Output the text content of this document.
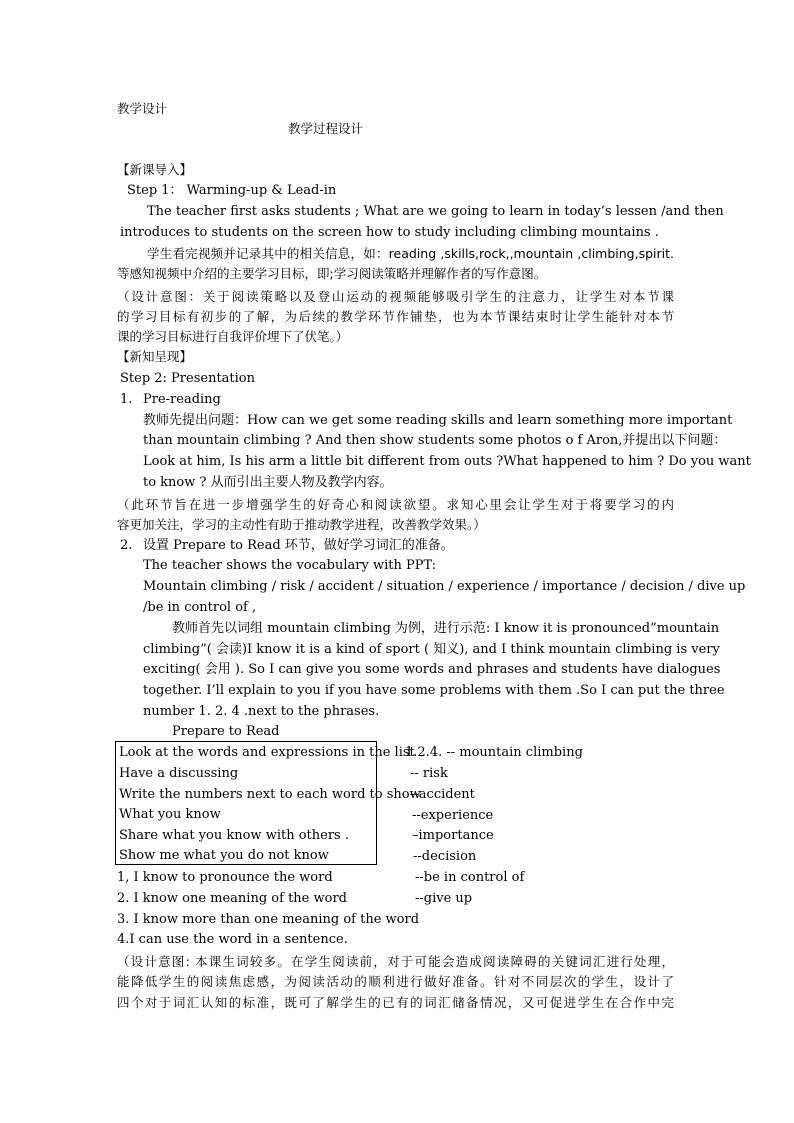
教学设计
教学过程设计
【新课导入】
Step 1： Warming-up & Lead-in
The teacher first asks students ; What are we going to learn in today’s lessen /and then
introduces to students on the screen how to study including climbing mountains .
学生看完视频并记录其中的相关信息，如：reading ,skills,rock,,mountain ,climbing,spirit.
等感知视频中介绍的主要学习目标，即;学习阅读策略并理解作者的写作意图。
（设计意图：关于阅读策略以及登山运动的视频能够吸引学生的注意力，让学生对本节课
的学习目标有初步的了解，为后续的教学环节作铺垫，也为本节课结束时让学生能针对本节
课的学习目标进行自我评价埋下了伏笔。）
【新知呈现】
Step 2: Presentation
1. Pre-reading
教师先提出问题：How can we get some reading skills and learn something more important
than mountain climbing ? And then show students some photos o f Aron,并提出以下问题：
Look at him, Is his arm a little bit different from outs ?What happened to him ? Do you want
to know ? 从而引出主要人物及教学内容。
（此环节旨在进一步增强学生的好奇心和阅读欲望。求知心里会让学生对于将要学习的内
容更加关注，学习的主动性有助于推动教学进程，改善教学效果。）
2. 设置 Prepare to Read 环节，做好学习词汇的准备。
The teacher shows the vocabulary with PPT:
Mountain climbing / risk / accident / situation / experience / importance / decision / dive up
/be in control of ,
教师首先以词组 mountain climbing 为例，进行示范: I know it is pronounced”mountain
climbing”( 会读)I know it is a kind of sport ( 知义), and I think mountain climbing is very
exciting( 会用 ). So I can give you some words and phrases and students have dialogues
together. I’ll explain to you if you have some problems with them .So I can put the three
number 1. 2. 4 .next to the phrases.
Prepare to Read
Look at the words and expressions in the list
Have a discussing
Write the numbers next to each word to show
What you know
Share what you know with others .
Show me what you do not know
1.2.4. -- mountain climbing
-- risk
--accident
--experience
–importance
--decision
--be in control of
--give up
1, I know to pronounce the word
2. I know one meaning of the word
3. I know more than one meaning of the word
4.I can use the word in a sentence.
（设计意图: 本课生词较多。在学生阅读前，对于可能会造成阅读障碍的关键词汇进行处理，
能降低学生的阅读焦虑感，为阅读活动的顺利进行做好准备。针对不同层次的学生，设计了
四个对于词汇认知的标准，既可了解学生的已有的词汇储备情况，又可促进学生在合作中完
